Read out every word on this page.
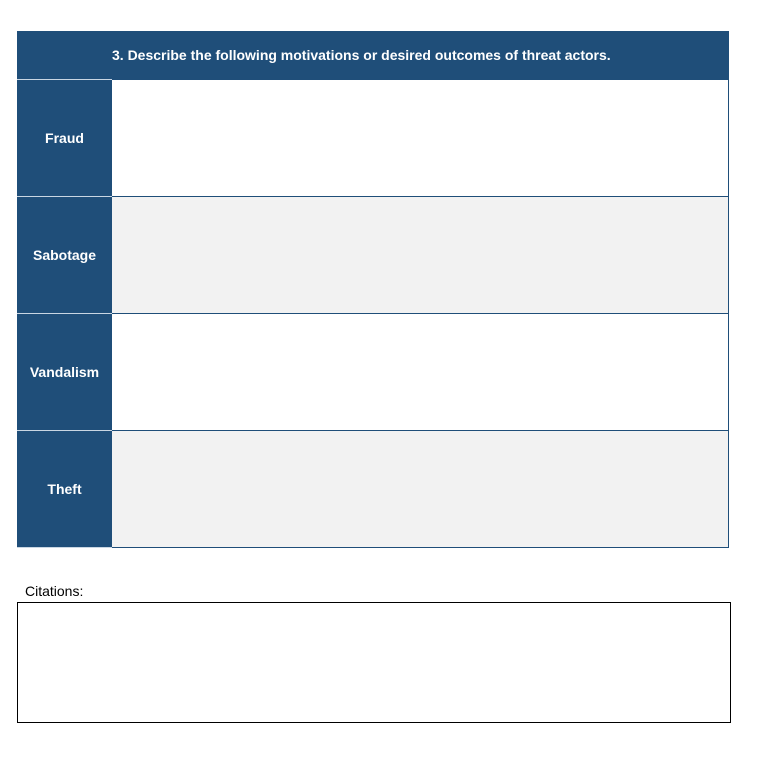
	3. Describe the following motivations or desired outcomes of threat actors.
Fraud	
Sabotage	
Vandalism	
Theft	
Citations:
